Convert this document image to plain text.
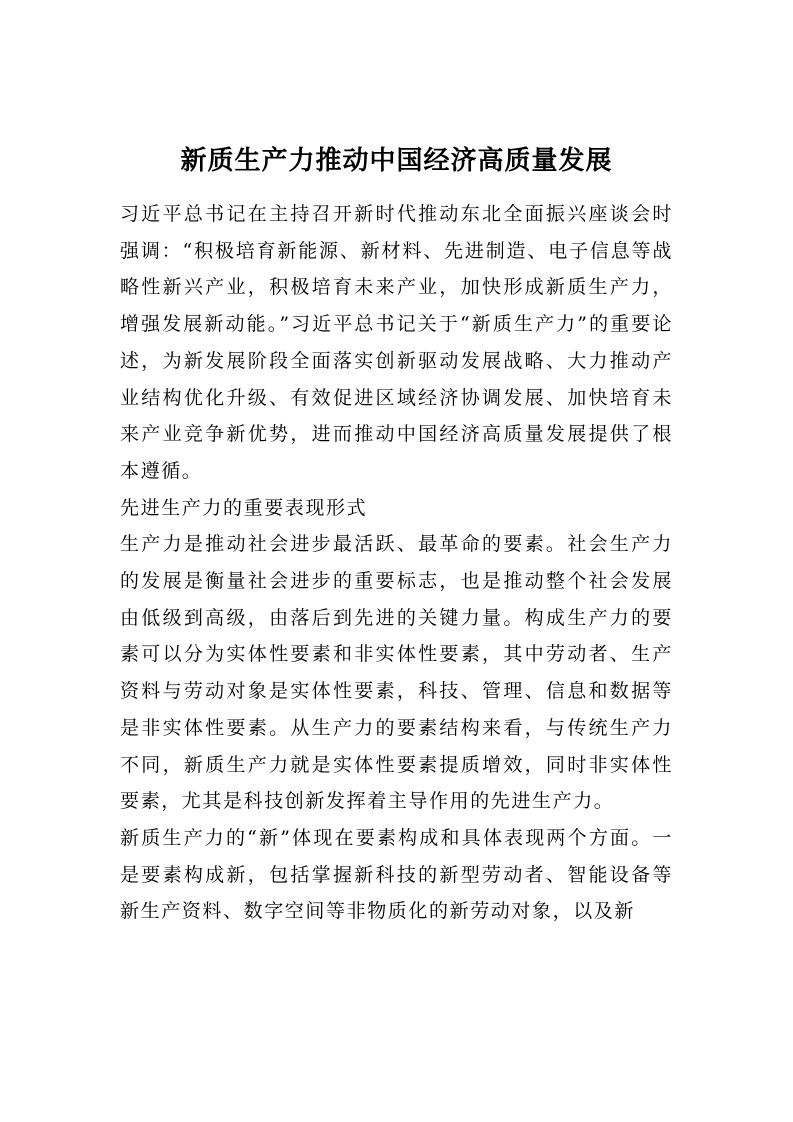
新质生产力推动中国经济高质量发展

习近平总书记在主持召开新时代推动东北全面振兴座谈会时强调：“积极培育新能源、新材料、先进制造、电子信息等战略性新兴产业，积极培育未来产业，加快形成新质生产力，增强发展新动能。”习近平总书记关于“新质生产力”的重要论述，为新发展阶段全面落实创新驱动发展战略、大力推动产业结构优化升级、有效促进区域经济协调发展、加快培育未来产业竞争新优势，进而推动中国经济高质量发展提供了根本遵循。

先进生产力的重要表现形式

生产力是推动社会进步最活跃、最革命的要素。社会生产力的发展是衡量社会进步的重要标志，也是推动整个社会发展由低级到高级，由落后到先进的关键力量。构成生产力的要素可以分为实体性要素和非实体性要素，其中劳动者、生产资料与劳动对象是实体性要素，科技、管理、信息和数据等是非实体性要素。从生产力的要素结构来看，与传统生产力不同，新质生产力就是实体性要素提质增效，同时非实体性要素，尤其是科技创新发挥着主导作用的先进生产力。

新质生产力的“新”体现在要素构成和具体表现两个方面。一是要素构成新，包括掌握新科技的新型劳动者、智能设备等新生产资料、数字空间等非物质化的新劳动对象，以及新
